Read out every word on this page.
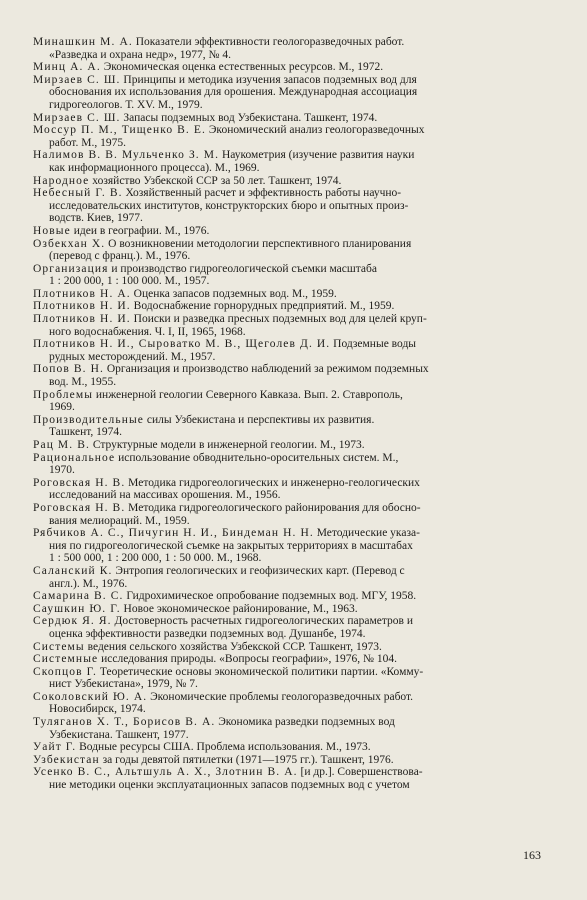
Минашкин М. А. Показатели эффективности геологоразведочных работ.
«Разведка и охрана недр», 1977, № 4.
Минц А. А. Экономическая оценка естественных ресурсов. М., 1972.
Мирзаев С. Ш. Принципы и методика изучения запасов подземных вод для
обоснования их использования для орошения. Международная ассоциация
гидрогеологов. Т. XV. М., 1979.
Мирзаев С. Ш. Запасы подземных вод Узбекистана. Ташкент, 1974.
Моссур П. М., Тищенко В. Е. Экономический анализ геологоразведочных
работ. М., 1975.
Налимов В. В. Мульченко З. М. Наукометрия (изучение развития науки
как информационного процесса). М., 1969.
Народное хозяйство Узбекской ССР за 50 лет. Ташкент, 1974.
Небесный Г. В. Хозяйственный расчет и эффективность работы научно-
исследовательских институтов, конструкторских бюро и опытных произ-
водств. Киев, 1977.
Новые идеи в географии. М., 1976.
Озбекхан Х. О возникновении методологии перспективного планирования
(перевод с франц.). М., 1976.
Организация и производство гидрогеологической съемки масштаба
1 : 200 000, 1 : 100 000. М., 1957.
Плотников Н. А. Оценка запасов подземных вод. М., 1959.
Плотников Н. И. Водоснабжение горнорудных предприятий. М., 1959.
Плотников Н. И. Поиски и разведка пресных подземных вод для целей круп-
ного водоснабжения. Ч. I, II, 1965, 1968.
Плотников Н. И., Сыроватко М. В., Щеголев Д. И. Подземные воды
рудных месторождений. М., 1957.
Попов В. Н. Организация и производство наблюдений за режимом подземных
вод. М., 1955.
Проблемы инженерной геологии Северного Кавказа. Вып. 2. Ставрополь,
1969.
Производительные силы Узбекистана и перспективы их развития.
Ташкент, 1974.
Рац М. В. Структурные модели в инженерной геологии. М., 1973.
Рациональное использование обводнительно-оросительных систем. М.,
1970.
Роговская Н. В. Методика гидрогеологических и инженерно-геологических
исследований на массивах орошения. М., 1956.
Роговская Н. В. Методика гидрогеологического районирования для обосно-
вания мелиораций. М., 1959.
Рябчиков А. С., Пичугин Н. И., Биндеман Н. Н. Методические указа-
ния по гидрогеологической съемке на закрытых территориях в масштабах
1 : 500 000, 1 : 200 000, 1 : 50 000. М., 1968.
Саланский К. Энтропия геологических и геофизических карт. (Перевод с
англ.). М., 1976.
Самарина В. С. Гидрохимическое опробование подземных вод. МГУ, 1958.
Саушкин Ю. Г. Новое экономическое районирование, М., 1963.
Сердюк Я. Я. Достоверность расчетных гидрогеологических параметров и
оценка эффективности разведки подземных вод. Душанбе, 1974.
Системы ведения сельского хозяйства Узбекской ССР. Ташкент, 1973.
Системные исследования природы. «Вопросы географии», 1976, № 104.
Скопцов Г. Теоретические основы экономической политики партии. «Комму-
нист Узбекистана», 1979, № 7.
Соколовский Ю. А. Экономические проблемы геологоразведочных работ.
Новосибирск, 1974.
Туляганов Х. Т., Борисов В. А. Экономика разведки подземных вод
Узбекистана. Ташкент, 1977.
Уайт Г. Водные ресурсы США. Проблема использования. М., 1973.
Узбекистан за годы девятой пятилетки (1971—1975 гг.). Ташкент, 1976.
Усенко В. С., Альтшуль А. Х., Злотнин В. А. [и др.]. Совершенствова-
ние методики оценки эксплуатационных запасов подземных вод с учетом
163
